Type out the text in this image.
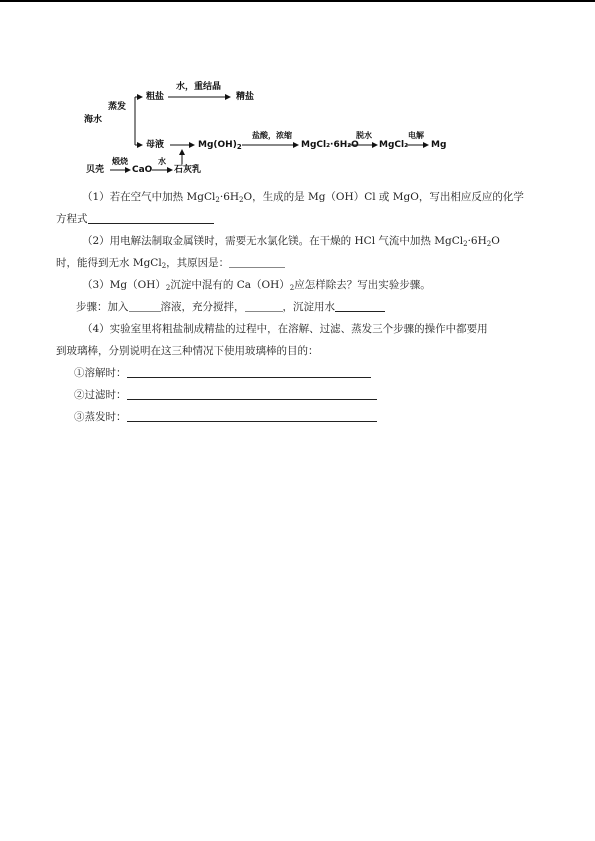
海水
蒸发
粗盐
水，重结晶
精盐
母液	$Mg(OH)_2$
盐酸，浓缩
MgCl₂·6H₂O
脱水
MgCl₂
电解
Mg
贝壳
煅烧
CaO
水
石灰乳
（1）若在空气中加热 $MgCl_2\cdot 6H_2O$，生成的是 Mg（OH）Cl 或 MgO，写出相应反应的化学
方程式
（2）用电解法制取金属镁时，需要无水氯化镁。在干燥的 HCl 气流中加热 $MgCl_2\cdot 6H_2O$
时，能得到无水 MgCl$_2$，其原因是：
$(3)Mg(OH)_2$沉淀中混有的 $Ca(OH)_2$应怎样除去？写出实验步骤。
步骤：加入	溶液，充分搅拌，	，沉淀用水
（4）实验室里将粗盐制成精盐的过程中，在溶解、过滤、蒸发三个步骤的操作中都要用
到玻璃棒，分别说明在这三种情况下使用玻璃棒的目的：
①溶解时：
②过滤时：
③蒸发时：
